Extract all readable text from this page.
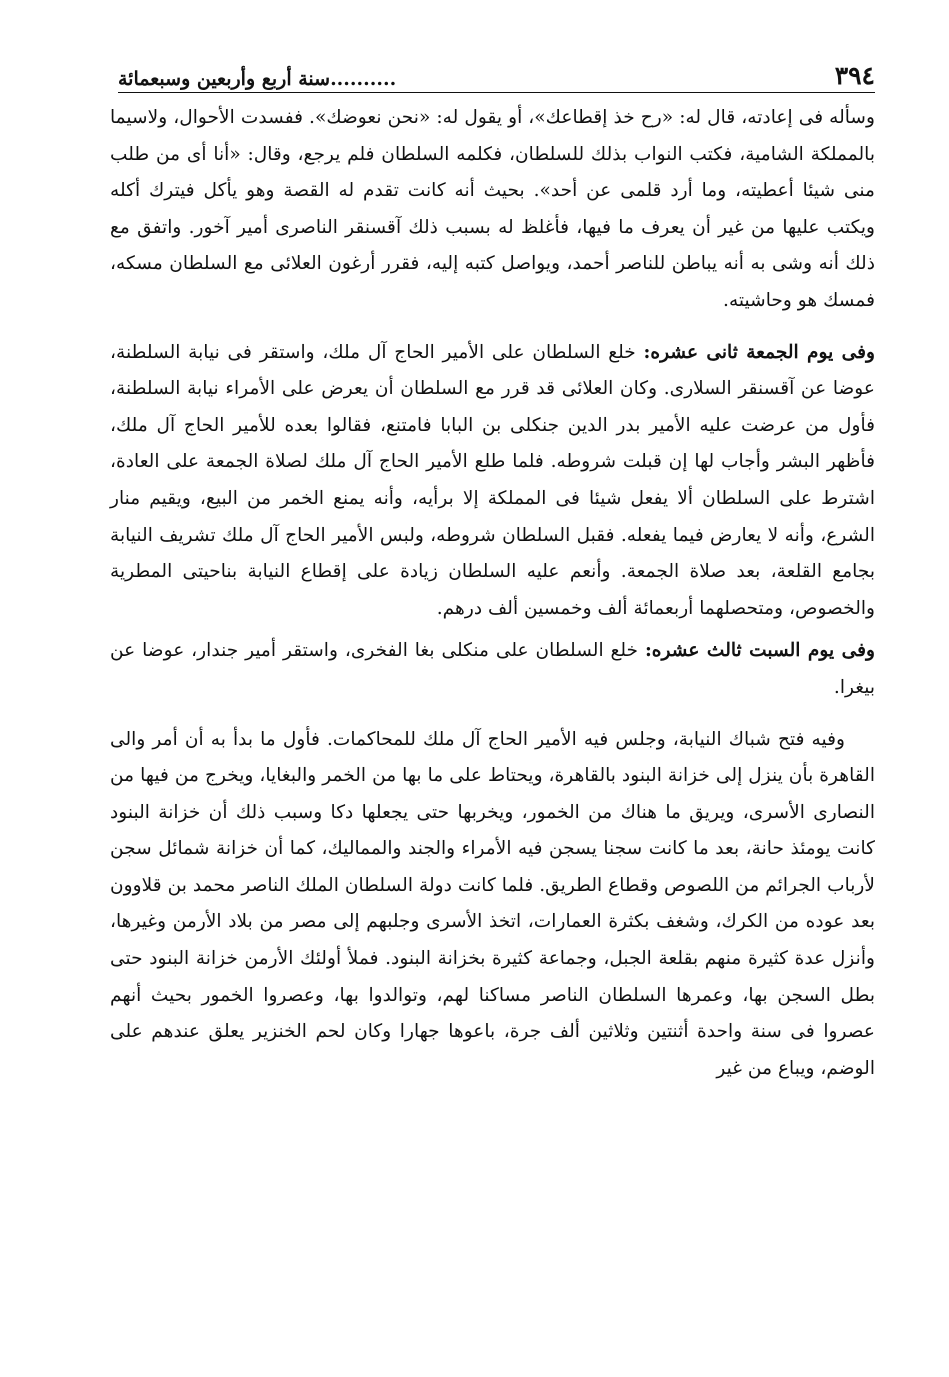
٣٩٤
..........سنة أربع وأربعين وسبعمائة

وسأله فى إعادته، قال له: «رح خذ إقطاعك»، أو يقول له: «نحن نعوضك». ففسدت الأحوال، ولاسيما بالمملكة الشامية، فكتب النواب بذلك للسلطان، فكلمه السلطان فلم يرجع، وقال: «أنا أى من طلب منى شيئا أعطيته، وما أرد قلمى عن أحد». بحيث أنه كانت تقدم له القصة وهو يأكل فيترك أكله ويكتب عليها من غير أن يعرف ما فيها، فأغلظ له بسبب ذلك آقسنقر الناصرى أمير آخور. واتفق مع ذلك أنه وشى به أنه يباطن للناصر أحمد، ويواصل كتبه إليه، فقرر أرغون العلائى مع السلطان مسكه، فمسك هو وحاشيته.

وفى يوم الجمعة ثانى عشره: خلع السلطان على الأمير الحاج آل ملك، واستقر فى نيابة السلطنة، عوضا عن آقسنقر السلارى. وكان العلائى قد قرر مع السلطان أن يعرض على الأمراء نيابة السلطنة، فأول من عرضت عليه الأمير بدر الدين جنكلى بن البابا فامتنع، فقالوا بعده للأمير الحاج آل ملك، فأظهر البشر وأجاب لها إن قبلت شروطه. فلما طلع الأمير الحاج آل ملك لصلاة الجمعة على العادة، اشترط على السلطان ألا يفعل شيئا فى المملكة إلا برأيه، وأنه يمنع الخمر من البيع، ويقيم منار الشرع، وأنه لا يعارض فيما يفعله. فقبل السلطان شروطه، ولبس الأمير الحاج آل ملك تشريف النيابة بجامع القلعة، بعد صلاة الجمعة. وأنعم عليه السلطان زيادة على إقطاع النيابة بناحيتى المطرية والخصوص، ومتحصلهما أربعمائة ألف وخمسين ألف درهم.

وفى يوم السبت ثالث عشره: خلع السلطان على منكلى بغا الفخرى، واستقر أمير جندار، عوضا عن بيغرا.

وفيه فتح شباك النيابة، وجلس فيه الأمير الحاج آل ملك للمحاكمات. فأول ما بدأ به أن أمر والى القاهرة بأن ينزل إلى خزانة البنود بالقاهرة، ويحتاط على ما بها من الخمر والبغايا، ويخرج من فيها من النصارى الأسرى، ويريق ما هناك من الخمور، ويخربها حتى يجعلها دكا وسبب ذلك أن خزانة البنود كانت يومئذ حانة، بعد ما كانت سجنا يسجن فيه الأمراء والجند والمماليك، كما أن خزانة شمائل سجن لأرباب الجرائم من اللصوص وقطاع الطريق. فلما كانت دولة السلطان الملك الناصر محمد بن قلاوون بعد عوده من الكرك، وشغف بكثرة العمارات، اتخذ الأسرى وجلبهم إلى مصر من بلاد الأرمن وغيرها، وأنزل عدة كثيرة منهم بقلعة الجبل، وجماعة كثيرة بخزانة البنود. فملأ أولئك الأرمن خزانة البنود حتى بطل السجن بها، وعمرها السلطان الناصر مساكنا لهم، وتوالدوا بها، وعصروا الخمور بحيث أنهم عصروا فى سنة واحدة أثنتين وثلاثين ألف جرة، باعوها جهارا وكان لحم الخنزير يعلق عندهم على الوضم، ويباع من غير
